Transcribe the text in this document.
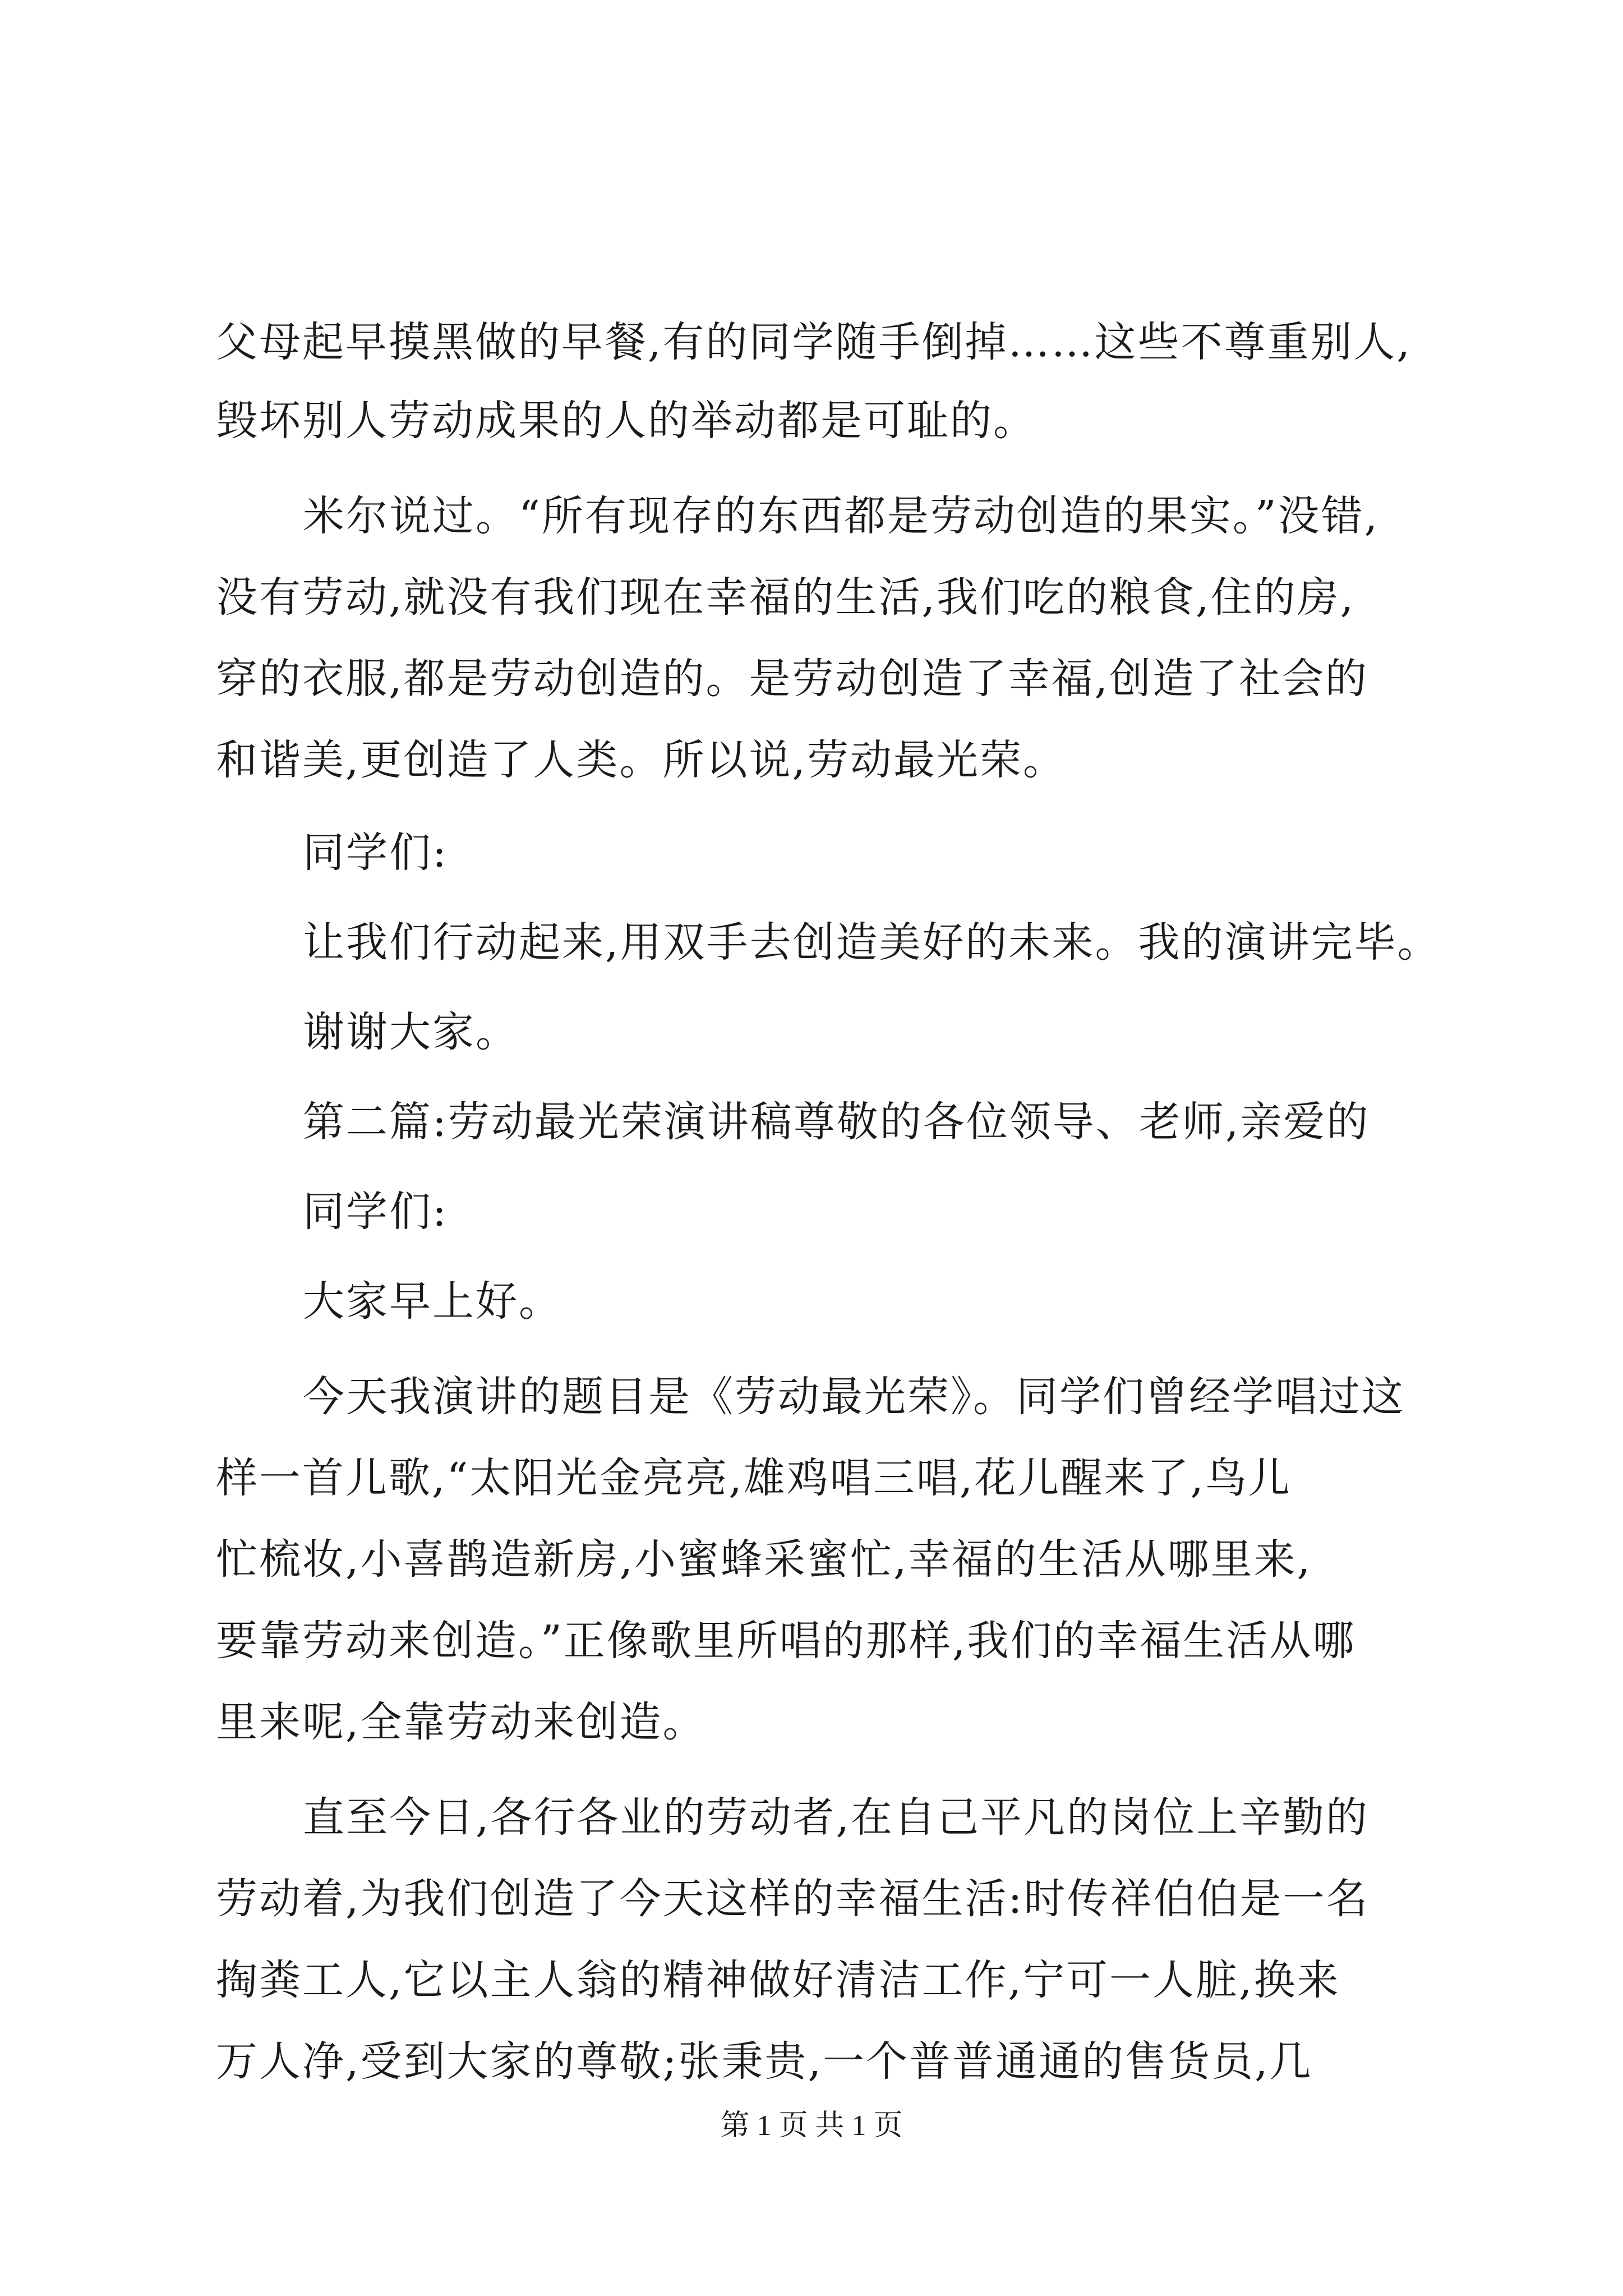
父母起早摸黑做的早餐,有的同学随手倒掉……这些不尊重别人,
毁坏别人劳动成果的人的举动都是可耻的。
米尔说过。“所有现存的东西都是劳动创造的果实。”没错,
没有劳动,就没有我们现在幸福的生活,我们吃的粮食,住的房,
穿的衣服,都是劳动创造的。是劳动创造了幸福,创造了社会的
和谐美,更创造了人类。所以说,劳动最光荣。
同学们:
让我们行动起来,用双手去创造美好的未来。我的演讲完毕。
谢谢大家。
第二篇:劳动最光荣演讲稿尊敬的各位领导、老师,亲爱的
同学们:
大家早上好。
今天我演讲的题目是《劳动最光荣》。同学们曾经学唱过这
样一首儿歌,“太阳光金亮亮,雄鸡唱三唱,花儿醒来了,鸟儿
忙梳妆,小喜鹊造新房,小蜜蜂采蜜忙,幸福的生活从哪里来,
要靠劳动来创造。”正像歌里所唱的那样,我们的幸福生活从哪
里来呢,全靠劳动来创造。
直至今日,各行各业的劳动者,在自己平凡的岗位上辛勤的
劳动着,为我们创造了今天这样的幸福生活:时传祥伯伯是一名
掏粪工人,它以主人翁的精神做好清洁工作,宁可一人脏,换来
万人净,受到大家的尊敬;张秉贵,一个普普通通的售货员,几
第 1 页 共 1 页
